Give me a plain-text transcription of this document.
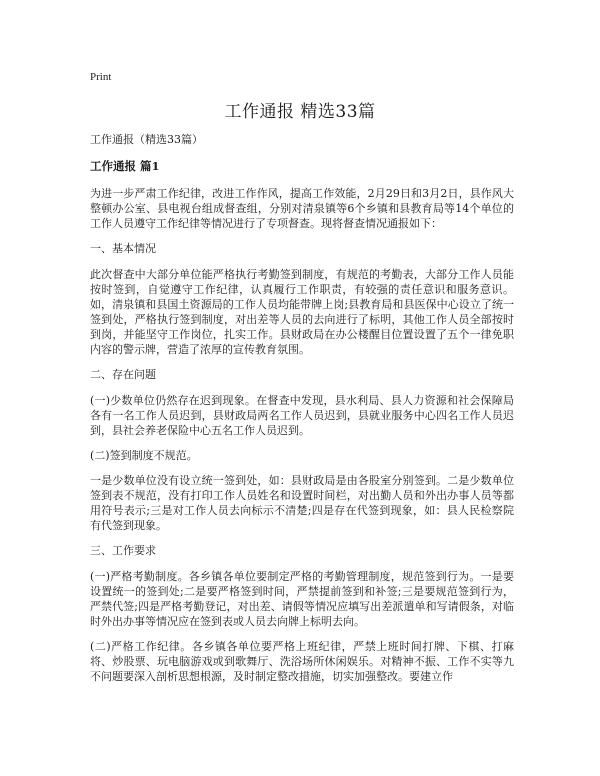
Print
工作通报 精选33篇

工作通报（精选33篇）

工作通报 篇1

为进一步严肃工作纪律，改进工作作风，提高工作效能，2月29日和3月2日，县作风大整顿办公室、县电视台组成督查组，分别对清泉镇等6个乡镇和县教育局等14个单位的工作人员遵守工作纪律等情况进行了专项督查。现将督查情况通报如下：

一、基本情况

此次督查中大部分单位能严格执行考勤签到制度，有规范的考勤表，大部分工作人员能按时签到，自觉遵守工作纪律，认真履行工作职责，有较强的责任意识和服务意识。如，清泉镇和县国土资源局的工作人员均能带牌上岗;县教育局和县医保中心设立了统一签到处，严格执行签到制度，对出差等人员的去向进行了标明，其他工作人员全部按时到岗，并能坚守工作岗位，扎实工作。县财政局在办公楼醒目位置设置了五个一律免职内容的警示牌，营造了浓厚的宣传教育氛围。

二、存在问题

(一)少数单位仍然存在迟到现象。在督查中发现，县水利局、县人力资源和社会保障局各有一名工作人员迟到，县财政局两名工作人员迟到，县就业服务中心四名工作人员迟到，县社会养老保险中心五名工作人员迟到。

(二)签到制度不规范。

一是少数单位没有设立统一签到处，如：县财政局是由各股室分别签到。二是少数单位签到表不规范，没有打印工作人员姓名和设置时间栏，对出勤人员和外出办事人员等都用符号表示;三是对工作人员去向标示不清楚;四是存在代签到现象，如：县人民检察院有代签到现象。

三、工作要求

(一)严格考勤制度。各乡镇各单位要制定严格的考勤管理制度，规范签到行为。一是要设置统一的签到处;二是要严格签到时间，严禁提前签到和补签;三是要规范签到行为，严禁代签;四是严格考勤登记，对出差、请假等情况应填写出差派遣单和写请假条，对临时外出办事等情况应在签到表或人员去向牌上标明去向。

(二)严格工作纪律。各乡镇各单位要严格上班纪律，严禁上班时间打牌、下棋、打麻将、炒股票、玩电脑游戏或到歌舞厅、洗浴场所休闲娱乐。对精神不振、工作不实等九不问题要深入剖析思想根源，及时制定整改措施，切实加强整改。要建立作
